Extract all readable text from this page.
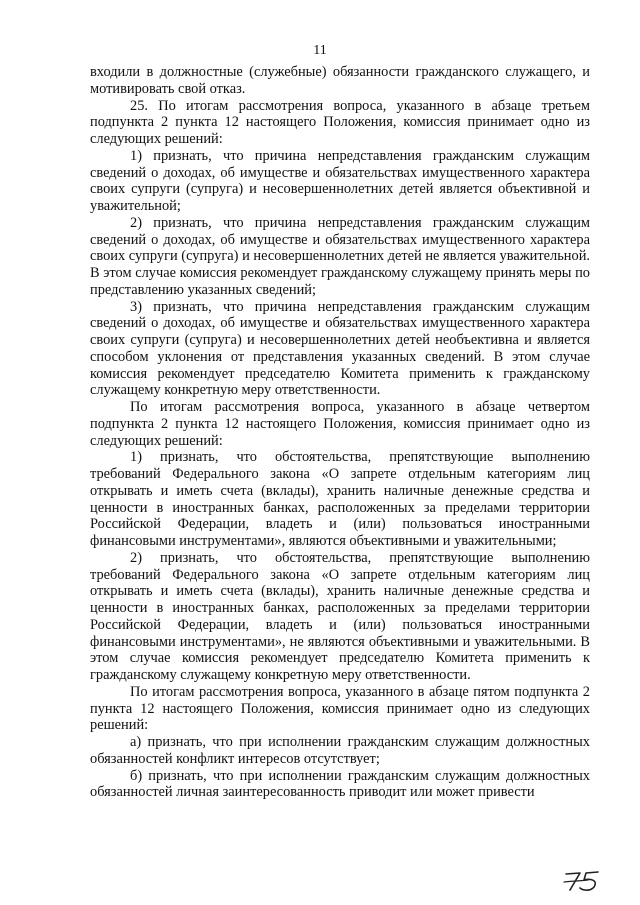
11

входили в должностные (служебные) обязанности гражданского служащего, и мотивировать свой отказ.

25. По итогам рассмотрения вопроса, указанного в абзаце третьем подпункта 2 пункта 12 настоящего Положения, комиссия принимает одно из следующих решений:

1) признать, что причина непредставления гражданским служащим сведений о доходах, об имуществе и обязательствах имущественного характера своих супруги (супруга) и несовершеннолетних детей является объективной и уважительной;

2) признать, что причина непредставления гражданским служащим сведений о доходах, об имуществе и обязательствах имущественного характера своих супруги (супруга) и несовершеннолетних детей не является уважительной. В этом случае комиссия рекомендует гражданскому служащему принять меры по представлению указанных сведений;

3) признать, что причина непредставления гражданским служащим сведений о доходах, об имуществе и обязательствах имущественного характера своих супруги (супруга) и несовершеннолетних детей необъективна и является способом уклонения от представления указанных сведений. В этом случае комиссия рекомендует председателю Комитета применить к гражданскому служащему конкретную меру ответственности.

По итогам рассмотрения вопроса, указанного в абзаце четвертом подпункта 2 пункта 12 настоящего Положения, комиссия принимает одно из следующих решений:

1) признать, что обстоятельства, препятствующие выполнению требований Федерального закона «О запрете отдельным категориям лиц открывать и иметь счета (вклады), хранить наличные денежные средства и ценности в иностранных банках, расположенных за пределами территории Российской Федерации, владеть и (или) пользоваться иностранными финансовыми инструментами», являются объективными и уважительными;

2) признать, что обстоятельства, препятствующие выполнению требований Федерального закона «О запрете отдельным категориям лиц открывать и иметь счета (вклады), хранить наличные денежные средства и ценности в иностранных банках, расположенных за пределами территории Российской Федерации, владеть и (или) пользоваться иностранными финансовыми инструментами», не являются объективными и уважительными. В этом случае комиссия рекомендует председателю Комитета применить к гражданскому служащему конкретную меру ответственности.

По итогам рассмотрения вопроса, указанного в абзаце пятом подпункта 2 пункта 12 настоящего Положения, комиссия принимает одно из следующих решений:

а) признать, что при исполнении гражданским служащим должностных обязанностей конфликт интересов отсутствует;

б) признать, что при исполнении гражданским служащим должностных обязанностей личная заинтересованность приводит или может привести
